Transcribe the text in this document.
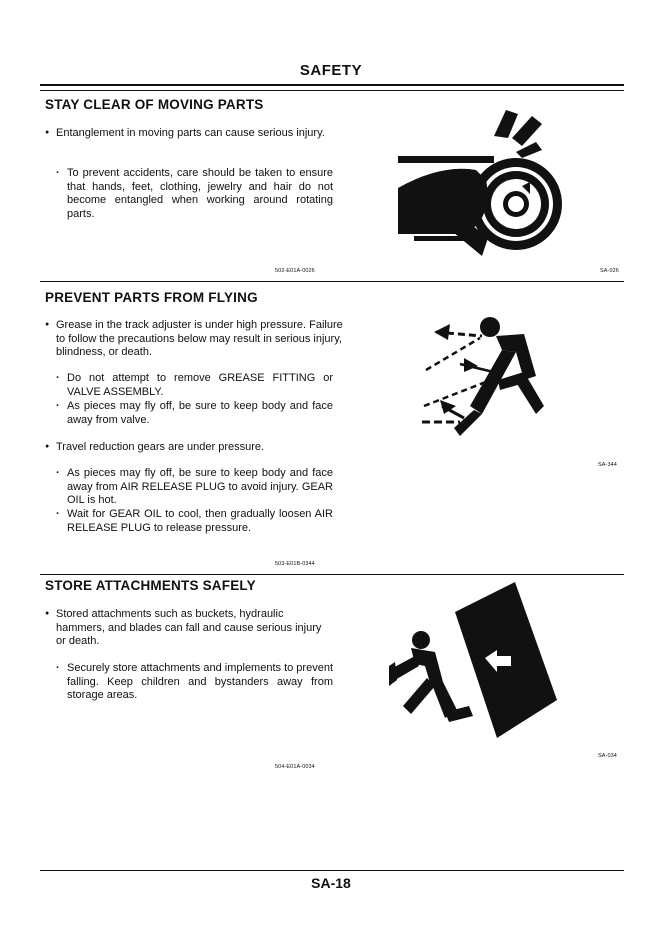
SAFETY
STAY CLEAR OF MOVING PARTS
● Entanglement in moving parts can cause serious injury.
· To prevent accidents, care should be taken to ensure that hands, feet, clothing, jewelry and hair do not become entangled when working around rotating parts.
502-E01A-0026	SA-026
PREVENT PARTS FROM FLYING
● Grease in the track adjuster is under high pressure. Failure to follow the precautions below may result in serious injury, blindness, or death.
· Do not attempt to remove GREASE FITTING or VALVE ASSEMBLY.
· As pieces may fly off, be sure to keep body and face away from valve.
● Travel reduction gears are under pressure.
· As pieces may fly off, be sure to keep body and face away from AIR RELEASE PLUG to avoid injury. GEAR OIL is hot.
· Wait for GEAR OIL to cool, then gradually loosen AIR RELEASE PLUG to release pressure.
503-E01B-0344
SA-344
STORE ATTACHMENTS SAFELY
● Stored attachments such as buckets, hydraulic hammers, and blades can fall and cause serious injury or death.
· Securely store attachments and implements to prevent falling. Keep children and bystanders away from storage areas.
504-E01A-0034
SA-034
SA-18
